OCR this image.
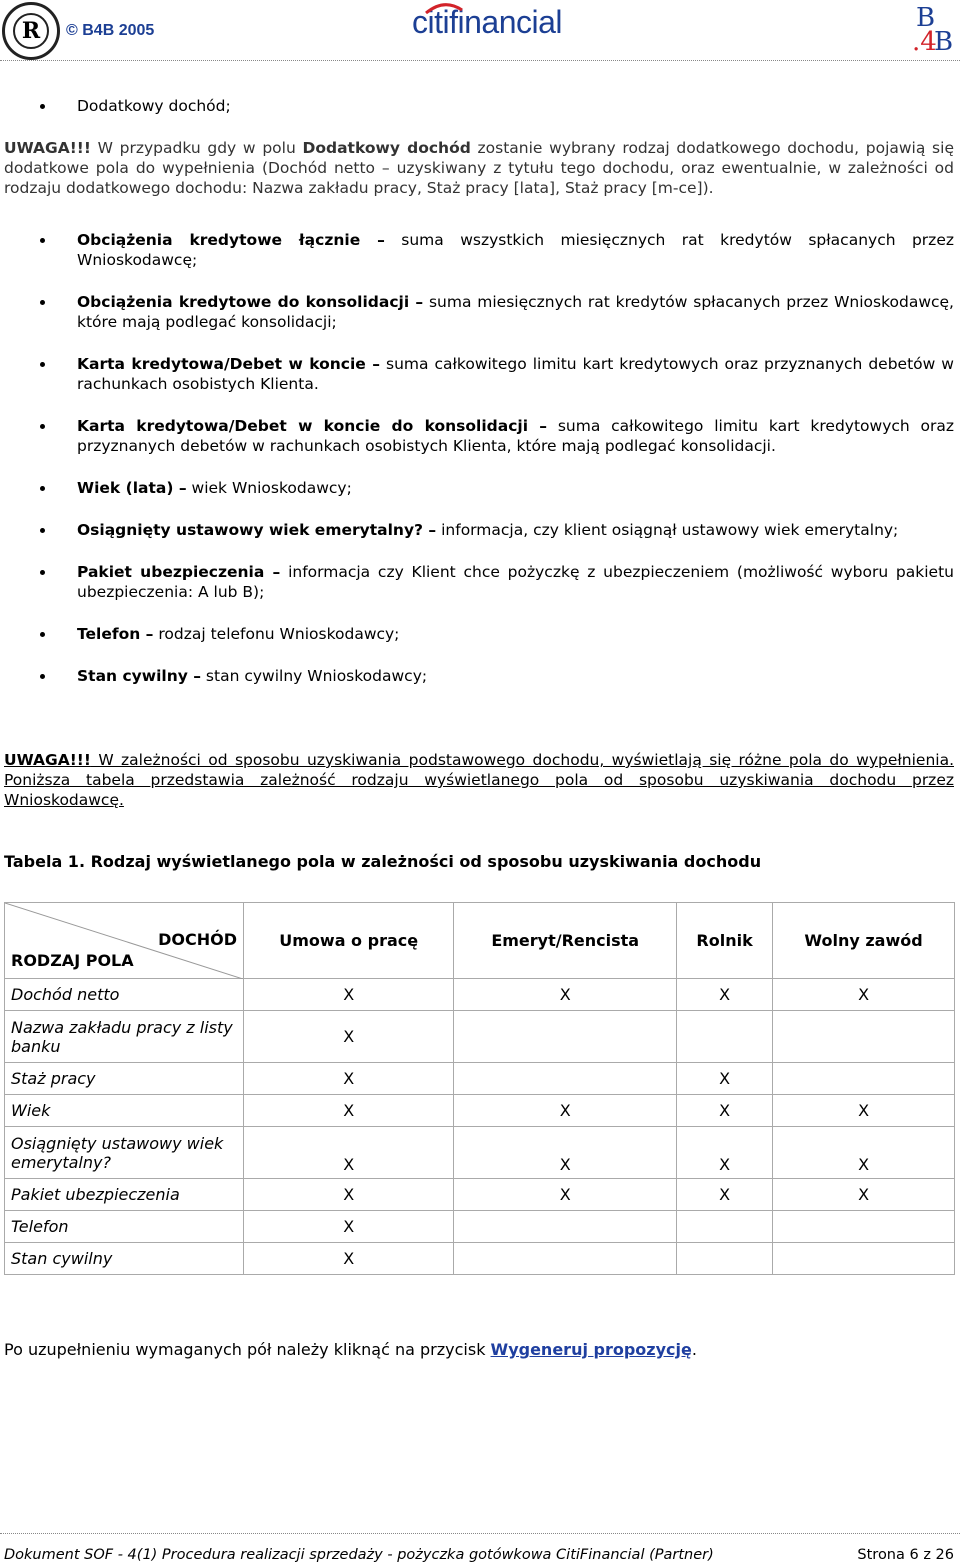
R	© B4B 2005	citifinancial	B
.4
B
Dodatkowy dochód;
UWAGA!!! W przypadku gdy w polu Dodatkowy dochód zostanie wybrany rodzaj dodatkowego dochodu, pojawią się dodatkowe pola do wypełnienia (Dochód netto – uzyskiwany z tytułu tego dochodu, oraz ewentualnie, w zależności od rodzaju dodatkowego dochodu: Nazwa zakładu pracy, Staż pracy [lata], Staż pracy [m-ce]).
Obciążenia kredytowe łącznie – suma wszystkich miesięcznych rat kredytów spłacanych przez Wnioskodawcę;
Obciążenia kredytowe do konsolidacji – suma miesięcznych rat kredytów spłacanych przez Wnioskodawcę, które mają podlegać konsolidacji;
Karta kredytowa/Debet w koncie – suma całkowitego limitu kart kredytowych oraz przyznanych debetów w rachunkach osobistych Klienta.
Karta kredytowa/Debet w koncie do konsolidacji – suma całkowitego limitu kart kredytowych oraz przyznanych debetów w rachunkach osobistych Klienta, które mają podlegać konsolidacji.
Wiek (lata) – wiek Wnioskodawcy;
Osiągnięty ustawowy wiek emerytalny? – informacja, czy klient osiągnął ustawowy wiek emerytalny;
Pakiet ubezpieczenia – informacja czy Klient chce pożyczkę z ubezpieczeniem (możliwość wyboru pakietu ubezpieczenia: A lub B);
Telefon – rodzaj telefonu Wnioskodawcy;
Stan cywilny – stan cywilny Wnioskodawcy;
UWAGA!!! W zależności od sposobu uzyskiwania podstawowego dochodu, wyświetlają się różne pola do wypełnienia. Poniższa tabela przedstawia zależność rodzaju wyświetlanego pola od sposobu uzyskiwania dochodu przez Wnioskodawcę.
Tabela 1. Rodzaj wyświetlanego pola w zależności od sposobu uzyskiwania dochodu
DOCHÓD
RODZAJ POLA	Umowa o pracę	Emeryt/Rencista	Rolnik	Wolny zawód
Dochód netto	X	X	X	X
Nazwa zakładu pracy z listy banku	X			
Staż pracy	X		X	
Wiek	X	X	X	X
Osiągnięty ustawowy wiek emerytalny?	X	X	X	X
Pakiet ubezpieczenia	X	X	X	X
Telefon	X			
Stan cywilny	X			
Po uzupełnieniu wymaganych pół należy kliknąć na przycisk Wygeneruj propozycję.
Dokument SOF - 4(1) Procedura realizacji sprzedaży - pożyczka gotówkowa CitiFinancial (Partner)	Strona 6 z 26
